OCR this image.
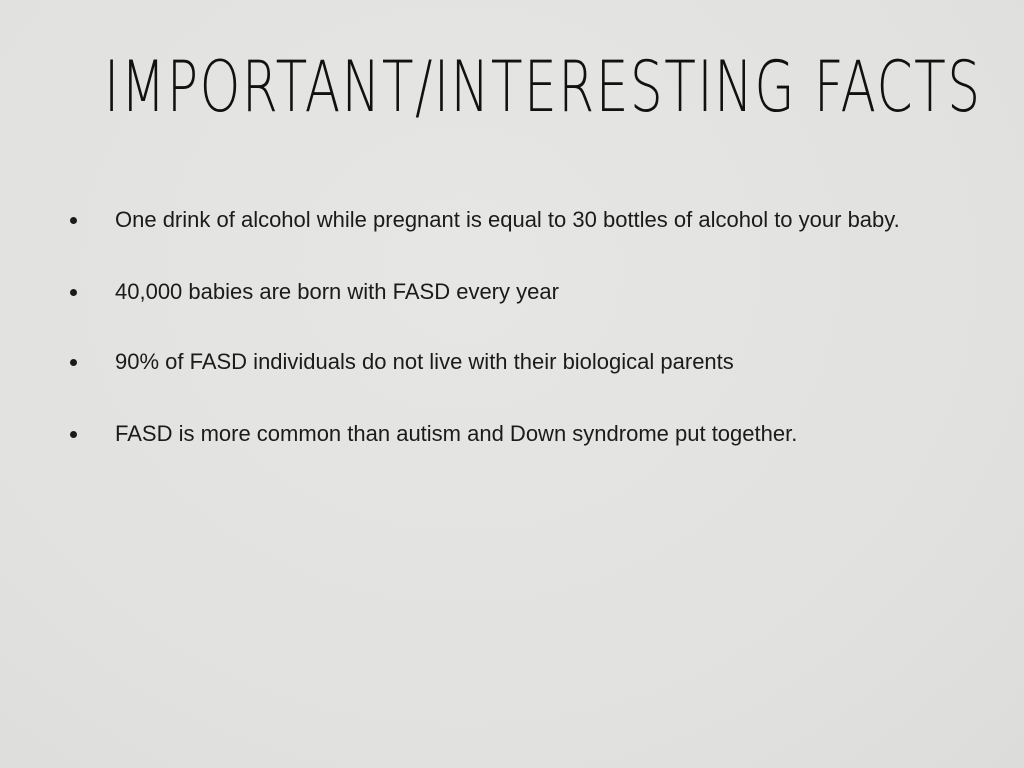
IMPORTANT/INTERESTING FACTS
One drink of alcohol while pregnant is equal to 30 bottles of alcohol to your baby.
40,000 babies are born with FASD every year
90% of FASD individuals do not live with their biological parents
FASD is more common than autism and Down syndrome put together.
